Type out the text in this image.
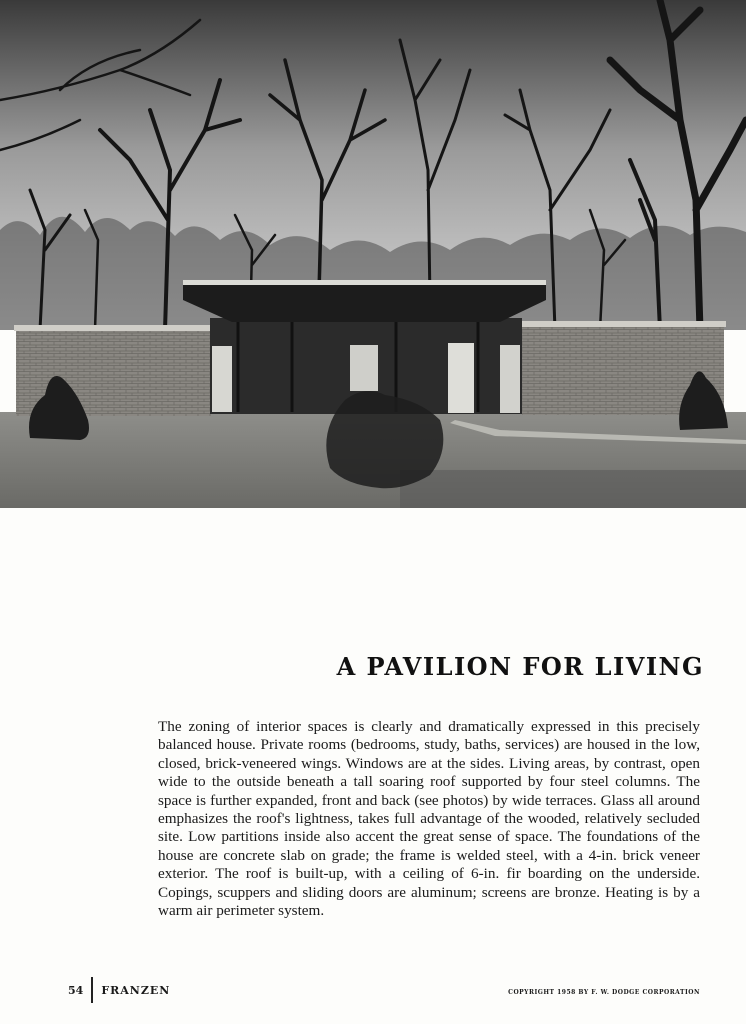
A PAVILION FOR LIVING

The zoning of interior spaces is clearly and dramatically expressed in this precisely balanced house. Private rooms (bedrooms, study, baths, services) are housed in the low, closed, brick-veneered wings. Windows are at the sides. Living areas, by contrast, open wide to the outside beneath a tall soaring roof supported by four steel columns. The space is further expanded, front and back (see photos) by wide terraces. Glass all around emphasizes the roof's lightness, takes full advantage of the wooded, relatively secluded site. Low partitions inside also accent the great sense of space. The foundations of the house are concrete slab on grade; the frame is welded steel, with a 4-in. brick veneer exterior. The roof is built-up, with a ceiling of 6-in. fir boarding on the underside. Copings, scuppers and sliding doors are aluminum; screens are bronze. Heating is by a warm air perimeter system.

54	FRANZEN	COPYRIGHT 1958 BY F. W. DODGE CORPORATION
